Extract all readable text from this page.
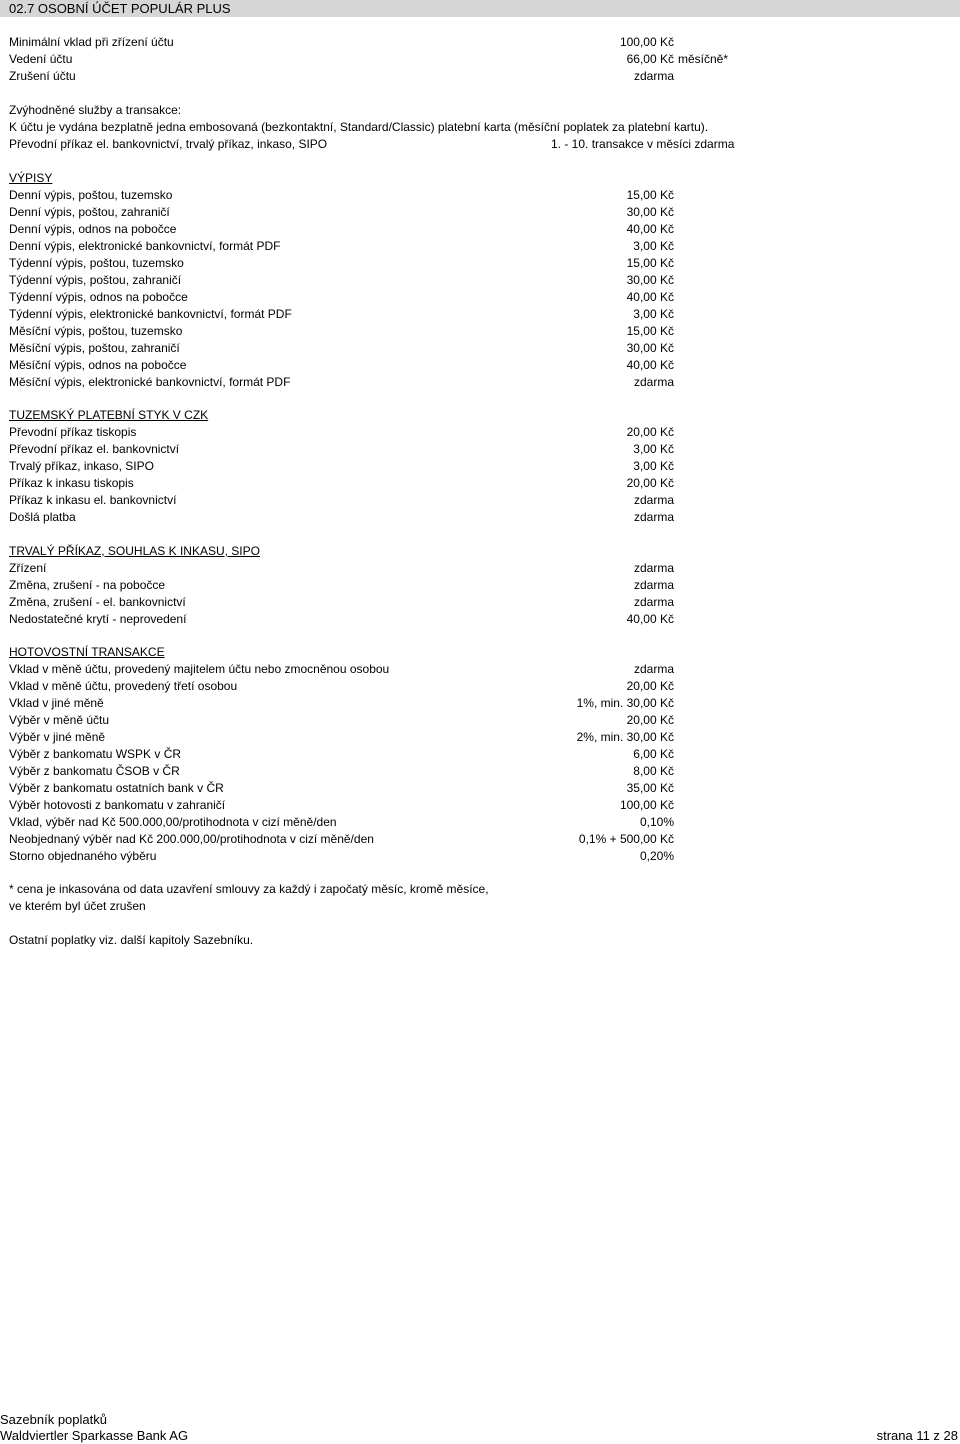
02.7 OSOBNÍ ÚČET POPULÁR PLUS
Minimální vklad při zřízení účtu	100,00 Kč
Vedení účtu	66,00 Kč měsíčně*
Zrušení účtu	zdarma
Zvýhodněné služby a transakce:
K účtu je vydána bezplatně jedna embosovaná (bezkontaktní, Standard/Classic) platební karta (měsíční poplatek za platební kartu).
Převodní příkaz el. bankovnictví, trvalý příkaz, inkaso, SIPO	1. - 10. transakce v měsíci zdarma
VÝPISY
Denní výpis, poštou, tuzemsko	15,00 Kč
Denní výpis, poštou, zahraničí	30,00 Kč
Denní výpis, odnos na pobočce	40,00 Kč
Denní výpis, elektronické bankovnictví, formát PDF	3,00 Kč
Týdenní výpis, poštou, tuzemsko	15,00 Kč
Týdenní výpis, poštou, zahraničí	30,00 Kč
Týdenní výpis, odnos na pobočce	40,00 Kč
Týdenní výpis, elektronické bankovnictví, formát PDF	3,00 Kč
Měsíční výpis, poštou, tuzemsko	15,00 Kč
Měsíční výpis, poštou, zahraničí	30,00 Kč
Měsíční výpis, odnos na pobočce	40,00 Kč
Měsíční výpis, elektronické bankovnictví, formát PDF	zdarma
TUZEMSKÝ PLATEBNÍ STYK V CZK
Převodní příkaz tiskopis	20,00 Kč
Převodní příkaz el. bankovnictví	3,00 Kč
Trvalý příkaz, inkaso, SIPO	3,00 Kč
Příkaz k inkasu tiskopis	20,00 Kč
Příkaz k inkasu el. bankovnictví	zdarma
Došlá platba	zdarma
TRVALÝ PŘÍKAZ, SOUHLAS K INKASU, SIPO
Zřízení	zdarma
Změna, zrušení - na pobočce	zdarma
Změna, zrušení - el. bankovnictví	zdarma
Nedostatečné krytí - neprovedení	40,00 Kč
HOTOVOSTNÍ TRANSAKCE
Vklad v měně účtu, provedený majitelem účtu nebo zmocněnou osobou	zdarma
Vklad v měně účtu, provedený třetí osobou	20,00 Kč
Vklad v jiné měně	1%, min. 30,00 Kč
Výběr v měně účtu	20,00 Kč
Výběr v jiné měně	2%, min. 30,00 Kč
Výběr z bankomatu WSPK v ČR	6,00 Kč
Výběr z bankomatu ČSOB v ČR	8,00 Kč
Výběr z bankomatu ostatních bank v ČR	35,00 Kč
Výběr hotovosti z bankomatu v zahraničí	100,00 Kč
Vklad, výběr nad Kč 500.000,00/protihodnota v cizí měně/den	0,10%
Neobjednaný výběr nad Kč 200.000,00/protihodnota v cizí měně/den	0,1% + 500,00 Kč
Storno objednaného výběru	0,20%
* cena je inkasována od data uzavření smlouvy za každý i započatý měsíc, kromě měsíce,
ve kterém byl účet zrušen
Ostatní poplatky viz. další kapitoly Sazebníku.
Sazebník poplatků
Waldviertler Sparkasse Bank AG	strana 11 z 28
